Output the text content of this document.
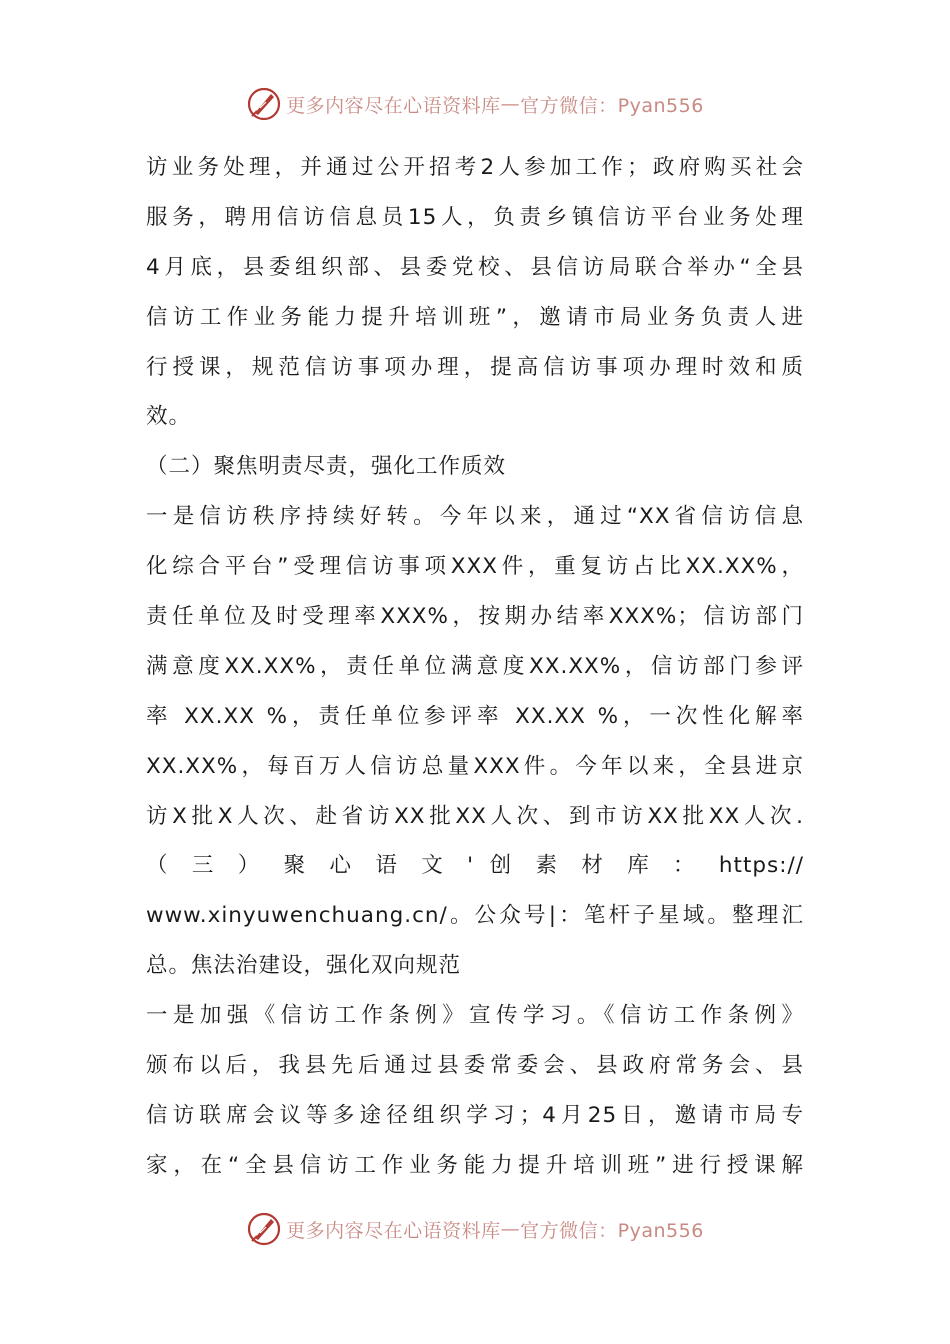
更多内容尽在心语资料库 — 官方微信：Pyan556
访业务处理，并通过公开招考2人参加工作；政府购买社会
服务，聘用信访信息员15人，负责乡镇信访平台业务处理
4月底，县委组织部、县委党校、县信访局联合举办“全县
信访工作业务能力提升培训班”，邀请市局业务负责人进
行授课，规范信访事项办理，提高信访事项办理时效和质
效。
（二）聚焦明责尽责，强化工作质效
一是信访秩序持续好转。今年以来，通过“XX省信访信息
化综合平台”受理信访事项XXX件，重复访占比XX.XX%，
责任单位及时受理率XXX%，按期办结率XXX%；信访部门
满意度XX.XX%，责任单位满意度XX.XX%，信访部门参评
率 XX.XX %，责任单位参评率 XX.XX %，一次性化解率
XX.XX%，每百万人信访总量XXX件。今年以来，全县进京
访X批X人次、赴省访XX批XX人次、到市访XX批XX人次.
（ 三 ） 聚 心 语 文 ' 创 素 材 库 ： https://
www.xinyuwenchuang.cn/。公众号|：笔杆子星域。整理汇
总。焦法治建设，强化双向规范
一是加强《信访工作条例》宣传学习。《信访工作条例》
颁布以后，我县先后通过县委常委会、县政府常务会、县
信访联席会议等多途径组织学习；4月25日，邀请市局专
家，在“全县信访工作业务能力提升培训班”进行授课解
更多内容尽在心语资料库 — 官方微信：Pyan556
